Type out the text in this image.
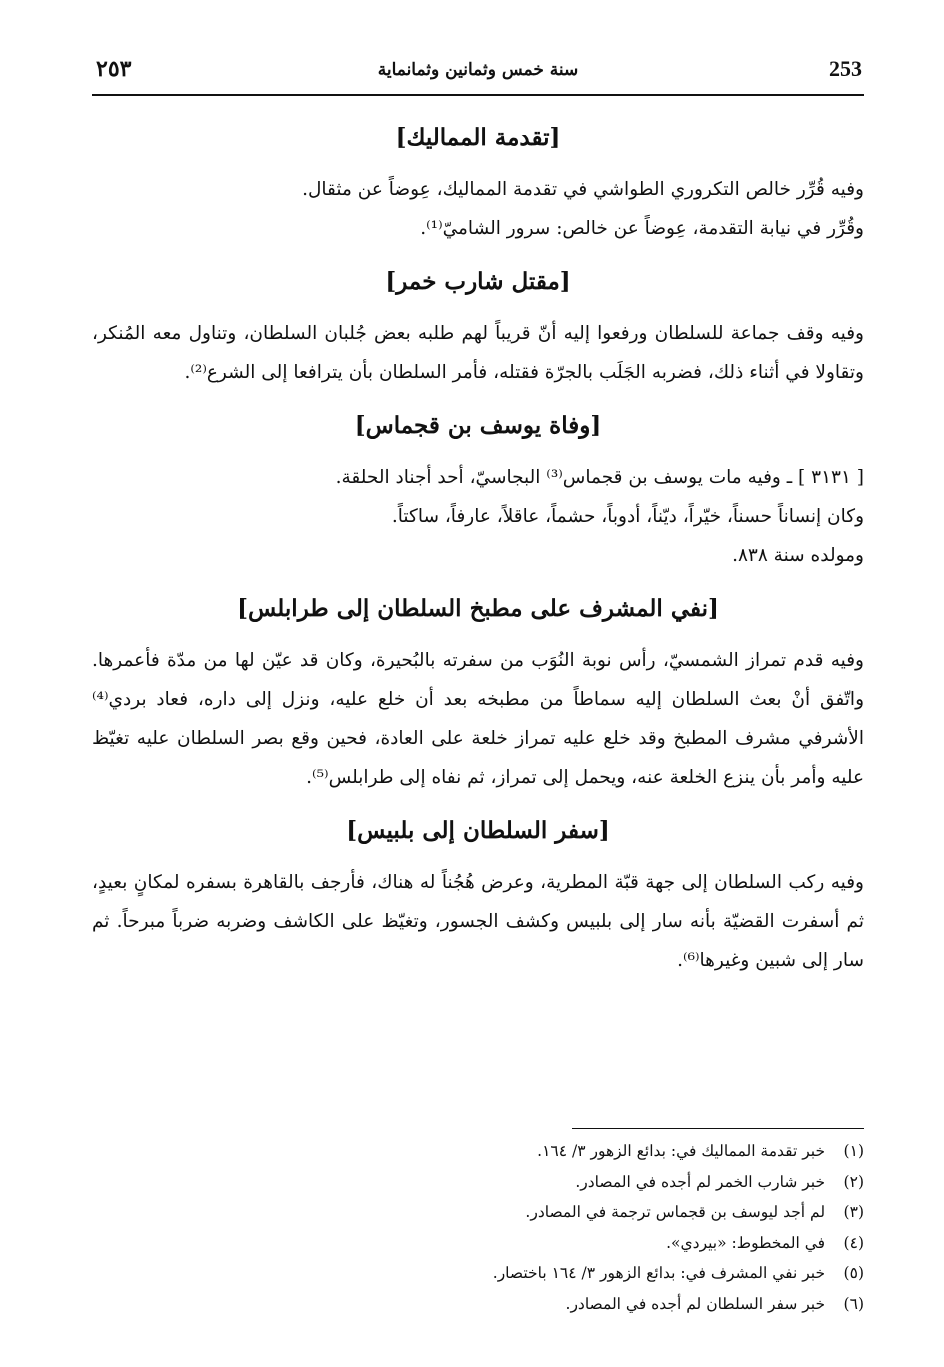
253
سنة خمس وثمانين وثمانماية
٢٥٣
[تقدمة المماليك]

وفيه قُرِّر خالص التكروري الطواشي في تقدمة المماليك، عِوضاً عن مثقال.

وقُرِّر في نيابة التقدمة، عِوضاً عن خالص: سرور الشاميّ⁽¹⁾.

[مقتل شارب خمر]

وفيه وقف جماعة للسلطان ورفعوا إليه أنّ قريباً لهم طلبه بعض جُلبان السلطان، وتناول معه المُنكر، وتقاولا في أثناء ذلك، فضربه الجَلَب بالجرّة فقتله، فأمر السلطان بأن يترافعا إلى الشرع⁽²⁾.

[وفاة يوسف بن قجماس]

[ ٣١٣١ ] ـ وفيه مات يوسف بن قجماس⁽³⁾ البجاسيّ، أحد أجناد الحلقة.

وكان إنساناً حسناً، خيّراً، ديّناً، أدوباً، حشماً، عاقلاً، عارفاً، ساكتاً.

ومولده سنة ٨٣٨.

[نفي المشرف على مطبخ السلطان إلى طرابلس]

وفيه قدم تمراز الشمسيّ، رأس نوبة النُوَب من سفرته بالبُحيرة، وكان قد عيّن لها من مدّة فأعمرها. واتّفق أنْ بعث السلطان إليه سماطاً من مطبخه بعد أن خلع عليه، ونزل إلى داره، فعاد بردي⁽⁴⁾ الأشرفي مشرف المطبخ وقد خلع عليه تمراز خلعة على العادة، فحين وقع بصر السلطان عليه تغيّظ عليه وأمر بأن ينزع الخلعة عنه، ويحمل إلى تمراز، ثم نفاه إلى طرابلس⁽⁵⁾.

[سفر السلطان إلى بلبيس]

وفيه ركب السلطان إلى جهة قبّة المطرية، وعرض هُجُناً له هناك، فأرجف بالقاهرة بسفره لمكانٍ بعيدٍ، ثم أسفرت القضيّة بأنه سار إلى بلبيس وكشف الجسور، وتغيّظ على الكاشف وضربه ضرباً مبرحاً. ثم سار إلى شبين وغيرها⁽⁶⁾.

(١) خبر تقدمة المماليك في: بدائع الزهور ٣/ ١٦٤.
(٢) خبر شارب الخمر لم أجده في المصادر.
(٣) لم أجد ليوسف بن قجماس ترجمة في المصادر.
(٤) في المخطوط: «بيردي».
(٥) خبر نفي المشرف في: بدائع الزهور ٣/ ١٦٤ باختصار.
(٦) خبر سفر السلطان لم أجده في المصادر.
